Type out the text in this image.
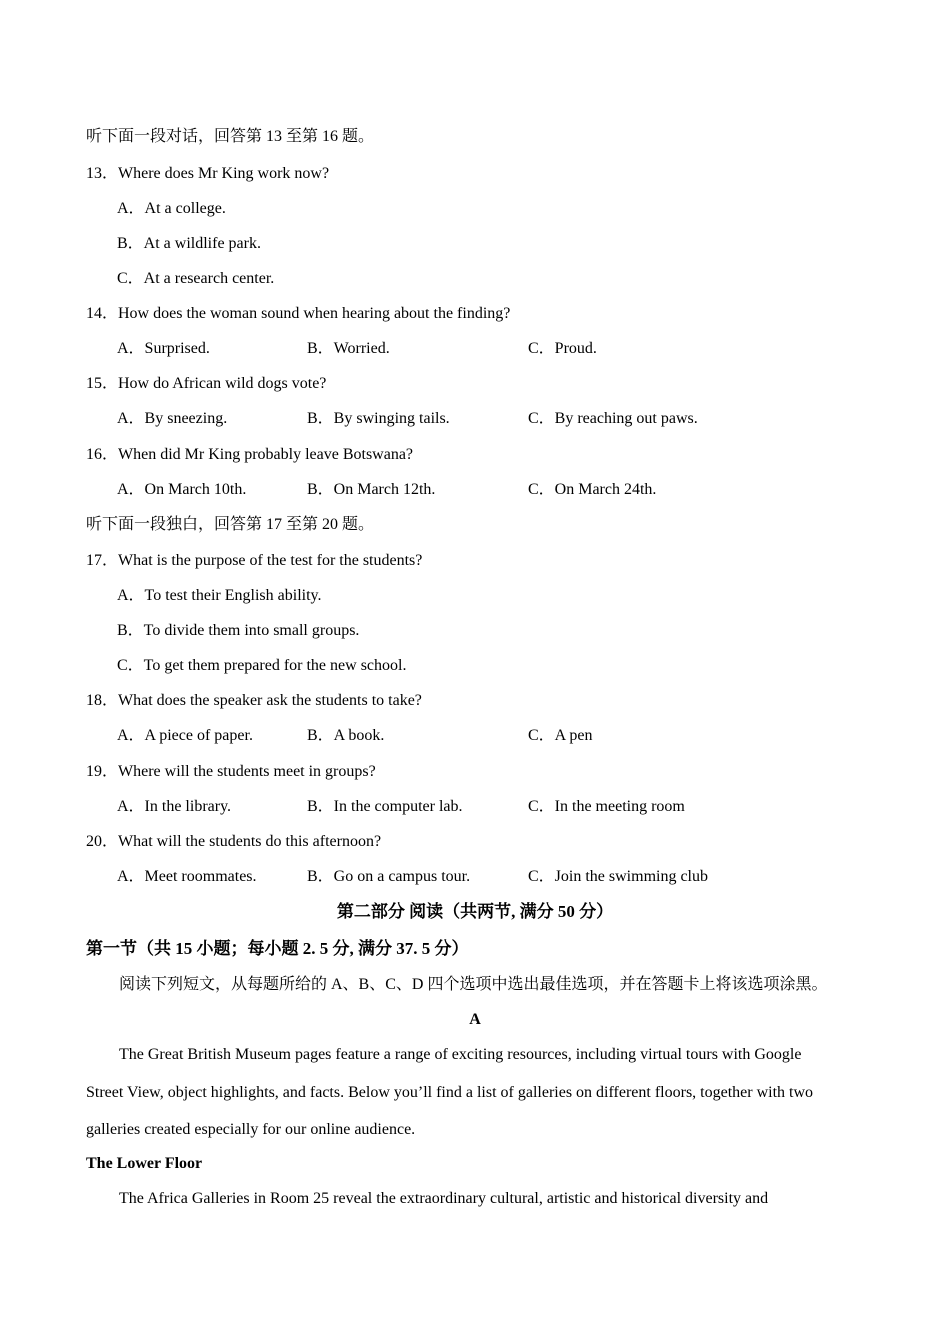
听下面一段对话，回答第 13 至第 16 题。
13．Where does Mr King work now?
A．At a college.
B．At a wildlife park.
C．At a research center.
14．How does the woman sound when hearing about the finding?
A．Surprised.	B．Worried.	C．Proud.
15．How do African wild dogs vote?
A．By sneezing.	B．By swinging tails.	C．By reaching out paws.
16．When did Mr King probably leave Botswana?
A．On March 10th.	B．On March 12th.	C．On March 24th.
听下面一段独白，回答第 17 至第 20 题。
17．What is the purpose of the test for the students?
A．To test their English ability.
B．To divide them into small groups.
C．To get them prepared for the new school.
18．What does the speaker ask the students to take?
A．A piece of paper.	B．A book.	C．A pen
19．Where will the students meet in groups?
A．In the library.	B．In the computer lab.	C．In the meeting room
20．What will the students do this afternoon?
A．Meet roommates.	B．Go on a campus tour.	C．Join the swimming club
第二部分 阅读（共两节, 满分 50 分）
第一节（共 15 小题；每小题 2. 5 分, 满分 37. 5 分）
阅读下列短文，从每题所给的 A、B、C、D 四个选项中选出最佳选项，并在答题卡上将该选项涂黑。
A
The Great British Museum pages feature a range of exciting resources, including virtual tours with Google
Street View, object highlights, and facts. Below you’ll find a list of galleries on different floors, together with two
galleries created especially for our online audience.
The Lower Floor
The Africa Galleries in Room 25 reveal the extraordinary cultural, artistic and historical diversity and
